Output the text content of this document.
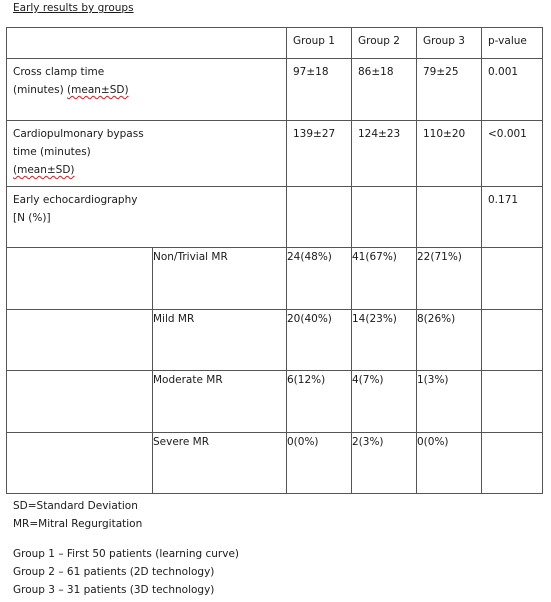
Early results by groups
		Group 1	Group 2	Group 3	p-value

Cross clamp time
(minutes) (mean±SD)		97±18	86±18	79±25	0.001

Cardiopulmonary bypass
time (minutes)
(mean±SD)		139±27	124±23	110±20	<0.001

Early echocardiography
[N (%)]					0.171
	Non/Trivial MR	24(48%)	41(67%)	22(71%)	
	Mild MR	20(40%)	14(23%)	8(26%)	
	Moderate MR	6(12%)	4(7%)	1(3%)	
	Severe MR	0(0%)	2(3%)	0(0%)	
SD=Standard Deviation
MR=Mitral Regurgitation
Group 1 – First 50 patients (learning curve)
Group 2 – 61 patients (2D technology)
Group 3 – 31 patients (3D technology)
